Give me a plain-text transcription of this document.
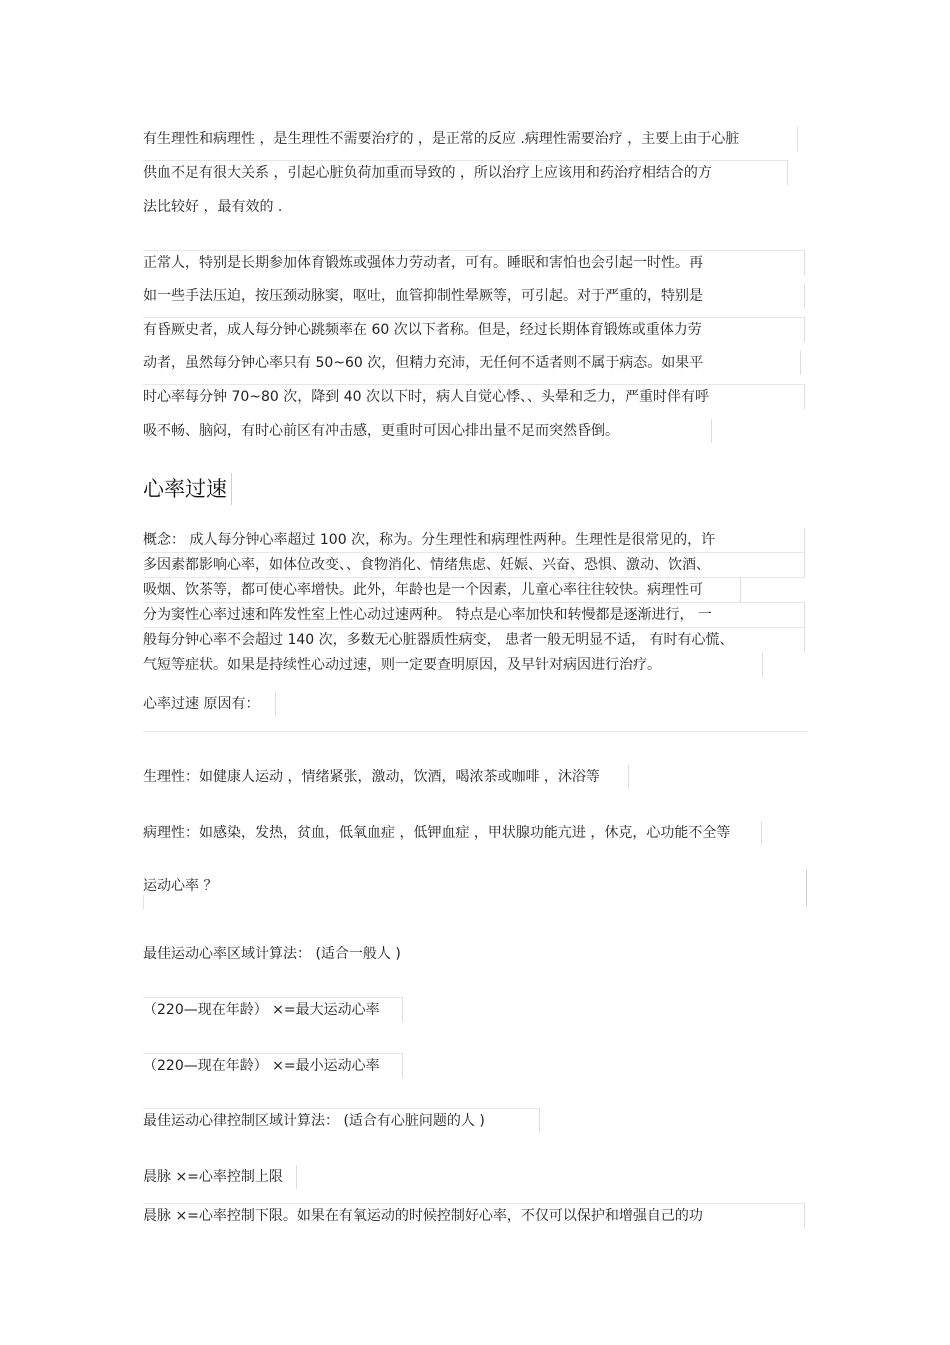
有生理性和病理性 ，是生理性不需要治疗的 ，是正常的反应 .病理性需要治疗 ，主要上由于心脏
供血不足有很大关系 ，引起心脏负荷加重而导致的 ，所以治疗上应该用和药治疗相结合的方
法比较好 ，最有效的 .
正常人，特别是长期参加体育锻炼或强体力劳动者，可有。睡眠和害怕也会引起一时性。再
如一些手法压迫，按压颈动脉窦，呕吐，血管抑制性晕厥等，可引起。对于严重的，特别是
有昏厥史者，成人每分钟心跳频率在 60 次以下者称。但是，经过长期体育锻炼或重体力劳
动者，虽然每分钟心率只有 50~60 次，但精力充沛，无任何不适者则不属于病态。如果平
时心率每分钟 70~80 次，降到 40 次以下时，病人自觉心悸、、头晕和乏力，严重时伴有呼
吸不畅、脑闷，有时心前区有冲击感，更重时可因心排出量不足而突然昏倒。
心率过速
概念： 成人每分钟心率超过 100 次，称为。分生理性和病理性两种。生理性是很常见的，许
多因素都影响心率，如体位改变、、食物消化、情绪焦虑、妊娠、兴奋、恐惧、激动、饮酒、
吸烟、饮茶等，都可使心率增快。此外，年龄也是一个因素，儿童心率往往较快。病理性可
分为窦性心率过速和阵发性室上性心动过速两种。 特点是心率加快和转慢都是逐渐进行， 一
般每分钟心率不会超过 140 次，多数无心脏器质性病变， 患者一般无明显不适， 有时有心慌、
气短等症状。如果是持续性心动过速，则一定要查明原因，及早针对病因进行治疗。
心率过速 原因有：
生理性：如健康人运动 ，情绪紧张，激动，饮酒，喝浓茶或咖啡 ，沐浴等
病理性：如感染，发热，贫血，低氧血症 ，低钾血症 ，甲状腺功能亢进 ，休克，心功能不全等
运动心率 ？
最佳运动心率区域计算法： (适合一般人 )
（220—现在年龄） ×=最大运动心率
（220—现在年龄） ×=最小运动心率
最佳运动心律控制区域计算法： (适合有心脏问题的人 )
晨脉 ×=心率控制上限
晨脉 ×=心率控制下限。如果在有氧运动的时候控制好心率，不仅可以保护和增强自己的功
